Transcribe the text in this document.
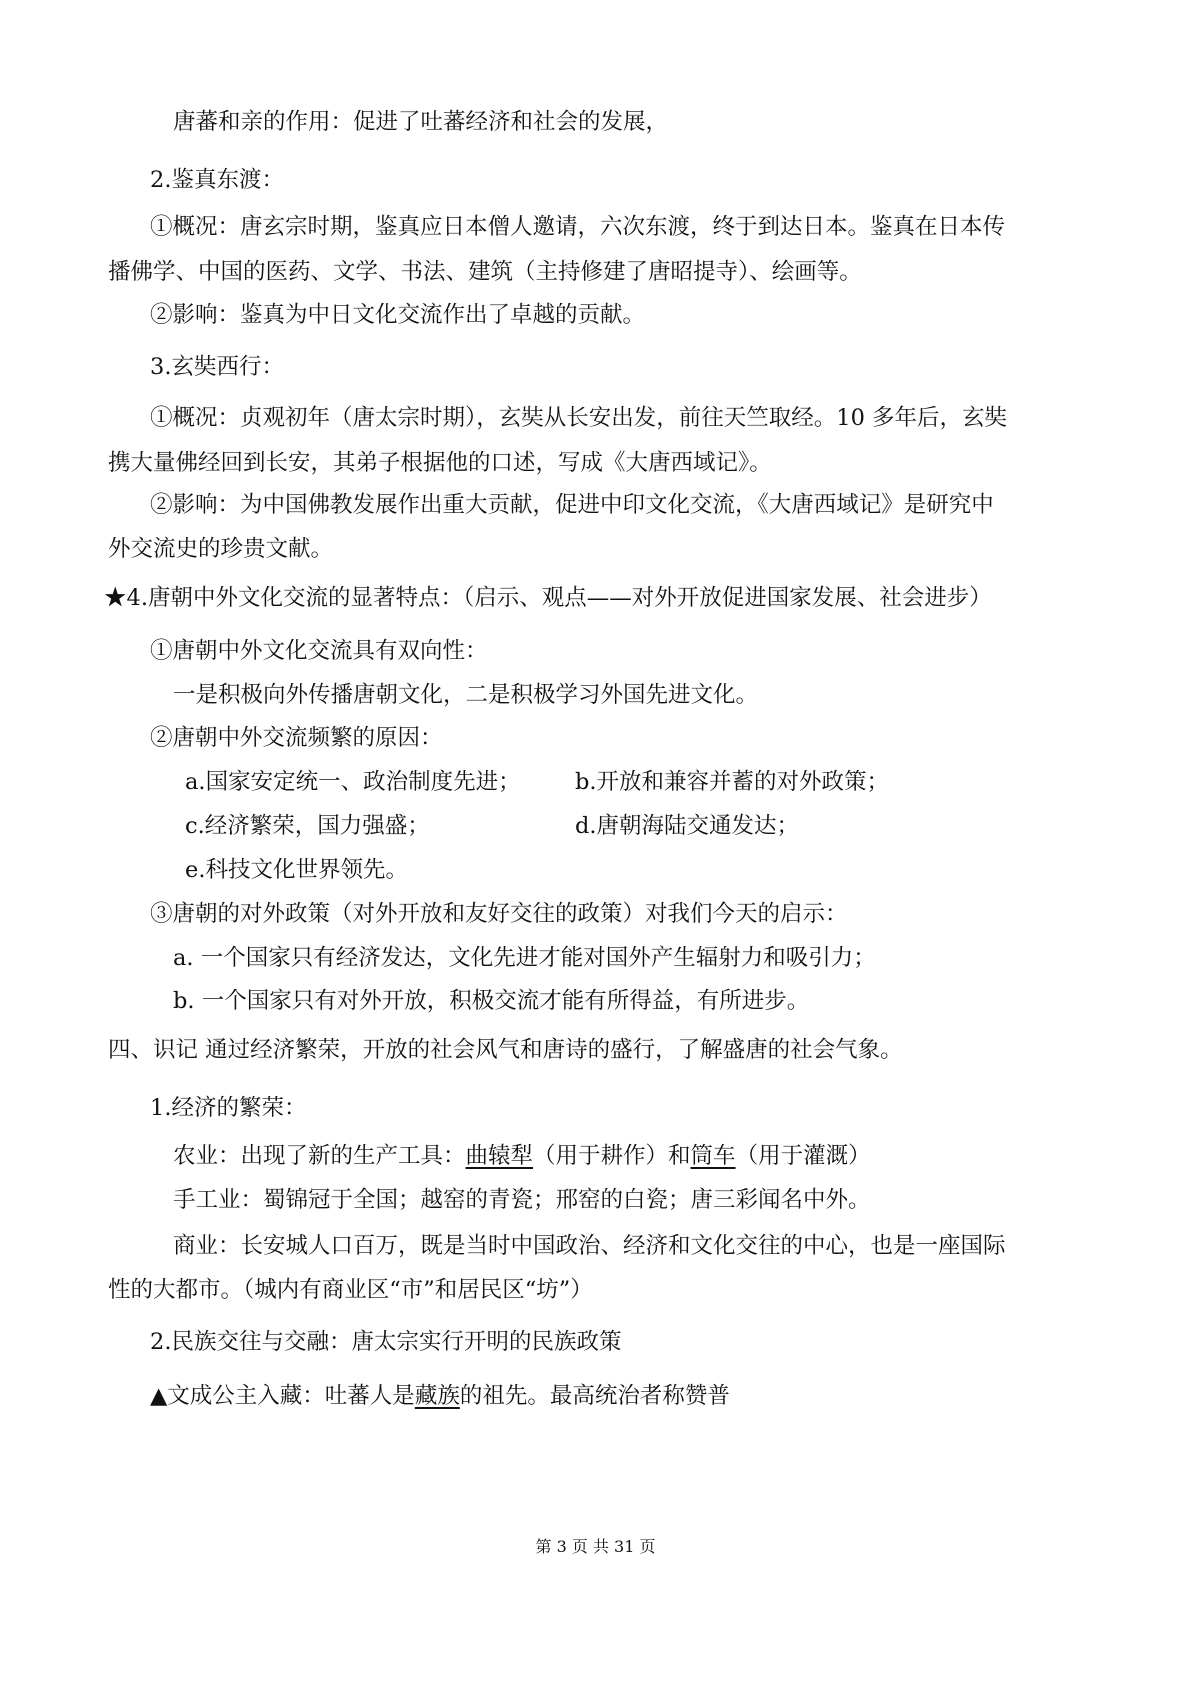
唐蕃和亲的作用：促进了吐蕃经济和社会的发展，
2.鉴真东渡：
①概况：唐玄宗时期，鉴真应日本僧人邀请，六次东渡，终于到达日本。鉴真在日本传
播佛学、中国的医药、文学、书法、建筑（主持修建了唐昭提寺）、绘画等。
②影响：鉴真为中日文化交流作出了卓越的贡献。
3.玄奘西行：
①概况：贞观初年（唐太宗时期），玄奘从长安出发，前往天竺取经。10 多年后，玄奘
携大量佛经回到长安，其弟子根据他的口述，写成《大唐西域记》。
②影响：为中国佛教发展作出重大贡献，促进中印文化交流，《大唐西域记》是研究中
外交流史的珍贵文献。
★4.唐朝中外文化交流的显著特点：（启示、观点——对外开放促进国家发展、社会进步）
①唐朝中外文化交流具有双向性：
一是积极向外传播唐朝文化，二是积极学习外国先进文化。
②唐朝中外交流频繁的原因：
a.国家安定统一、政治制度先进； b.开放和兼容并蓄的对外政策；
c.经济繁荣，国力强盛；	d.唐朝海陆交通发达；
e.科技文化世界领先。
③唐朝的对外政策（对外开放和友好交往的政策）对我们今天的启示：
a. 一个国家只有经济发达，文化先进才能对国外产生辐射力和吸引力；
b. 一个国家只有对外开放，积极交流才能有所得益，有所进步。
四、识记 通过经济繁荣，开放的社会风气和唐诗的盛行，了解盛唐的社会气象。
1.经济的繁荣：
农业：出现了新的生产工具：曲辕犁（用于耕作）和筒车（用于灌溉）
手工业：蜀锦冠于全国；越窑的青瓷；邢窑的白瓷；唐三彩闻名中外。
商业：长安城人口百万，既是当时中国政治、经济和文化交往的中心，也是一座国际
性的大都市。（城内有商业区“市”和居民区“坊”）
2.民族交往与交融：唐太宗实行开明的民族政策
▲文成公主入藏：吐蕃人是藏族的祖先。最高统治者称赞普
第 3 页 共 31 页
